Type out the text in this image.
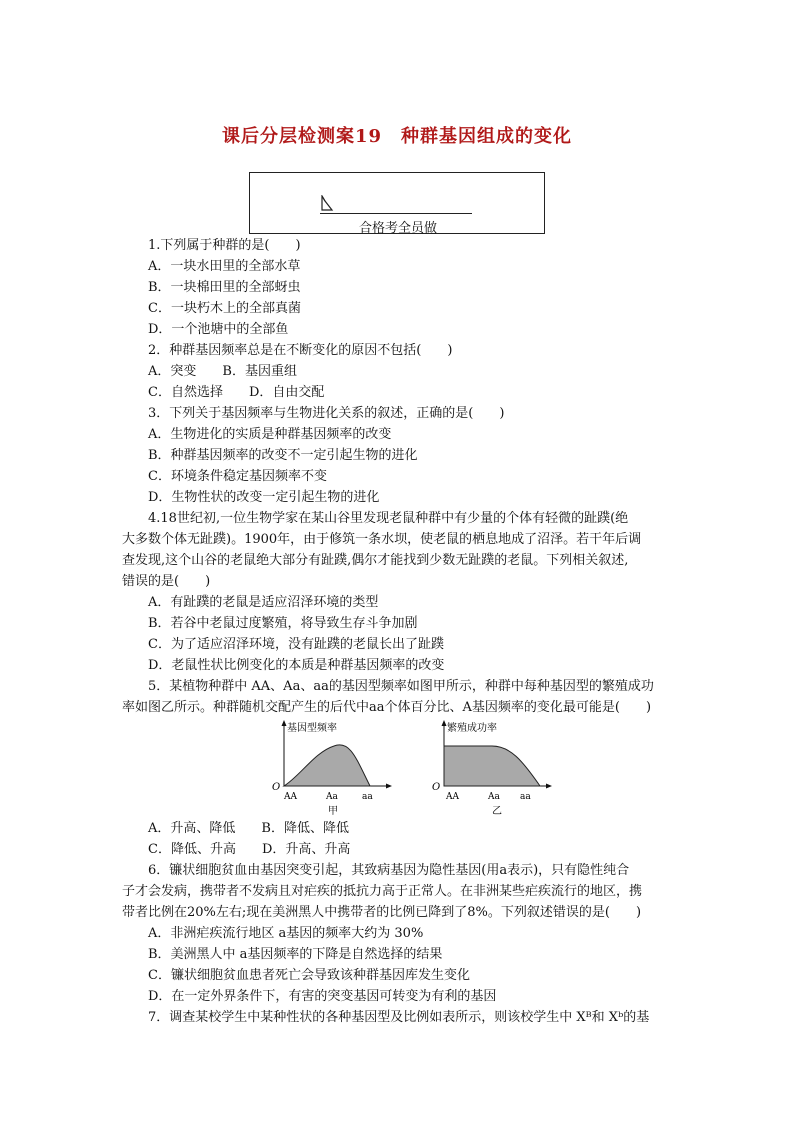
课后分层检测案19　种群基因组成的变化
合格考全员做
1.下列属于种群的是(　　)
A．一块水田里的全部水草
B．一块棉田里的全部蚜虫
C．一块朽木上的全部真菌
D．一个池塘中的全部鱼
2．种群基因频率总是在不断变化的原因不包括(　　)
A．突变　　B．基因重组
C．自然选择　　D．自由交配
3．下列关于基因频率与生物进化关系的叙述，正确的是(　　)
A．生物进化的实质是种群基因频率的改变
B．种群基因频率的改变不一定引起生物的进化
C．环境条件稳定基因频率不变
D．生物性状的改变一定引起生物的进化
4.18世纪初,一位生物学家在某山谷里发现老鼠种群中有少量的个体有轻微的趾蹼(绝
大多数个体无趾蹼)。1900年，由于修筑一条水坝，使老鼠的栖息地成了沼泽。若干年后调
查发现,这个山谷的老鼠绝大部分有趾蹼,偶尔才能找到少数无趾蹼的老鼠。下列相关叙述,
错误的是(　　)
A．有趾蹼的老鼠是适应沼泽环境的类型
B．若谷中老鼠过度繁殖，将导致生存斗争加剧
C．为了适应沼泽环境，没有趾蹼的老鼠长出了趾蹼
D．老鼠性状比例变化的本质是种群基因频率的改变
5．某植物种群中 AA、Aa、aa的基因型频率如图甲所示，种群中每种基因型的繁殖成功
率如图乙所示。种群随机交配产生的后代中aa个体百分比、A基因频率的变化最可能是(　　)
基因型频率
O
AA	Aa	aa
甲
繁殖成功率
O
AA	Aa aa
乙
A．升高、降低　　B．降低、降低
C．降低、升高　　D．升高、升高
6．镰状细胞贫血由基因突变引起，其致病基因为隐性基因(用a表示)，只有隐性纯合
子才会发病，携带者不发病且对疟疾的抵抗力高于正常人。在非洲某些疟疾流行的地区，携
带者比例在20%左右;现在美洲黑人中携带者的比例已降到了8%。下列叙述错误的是(　　)
A．非洲疟疾流行地区 a基因的频率大约为 30%
B．美洲黑人中 a基因频率的下降是自然选择的结果
C．镰状细胞贫血患者死亡会导致该种群基因库发生变化
D．在一定外界条件下，有害的突变基因可转变为有利的基因
7．调查某校学生中某种性状的各种基因型及比例如表所示，则该校学生中 Xᴮ和 Xᵇ的基
